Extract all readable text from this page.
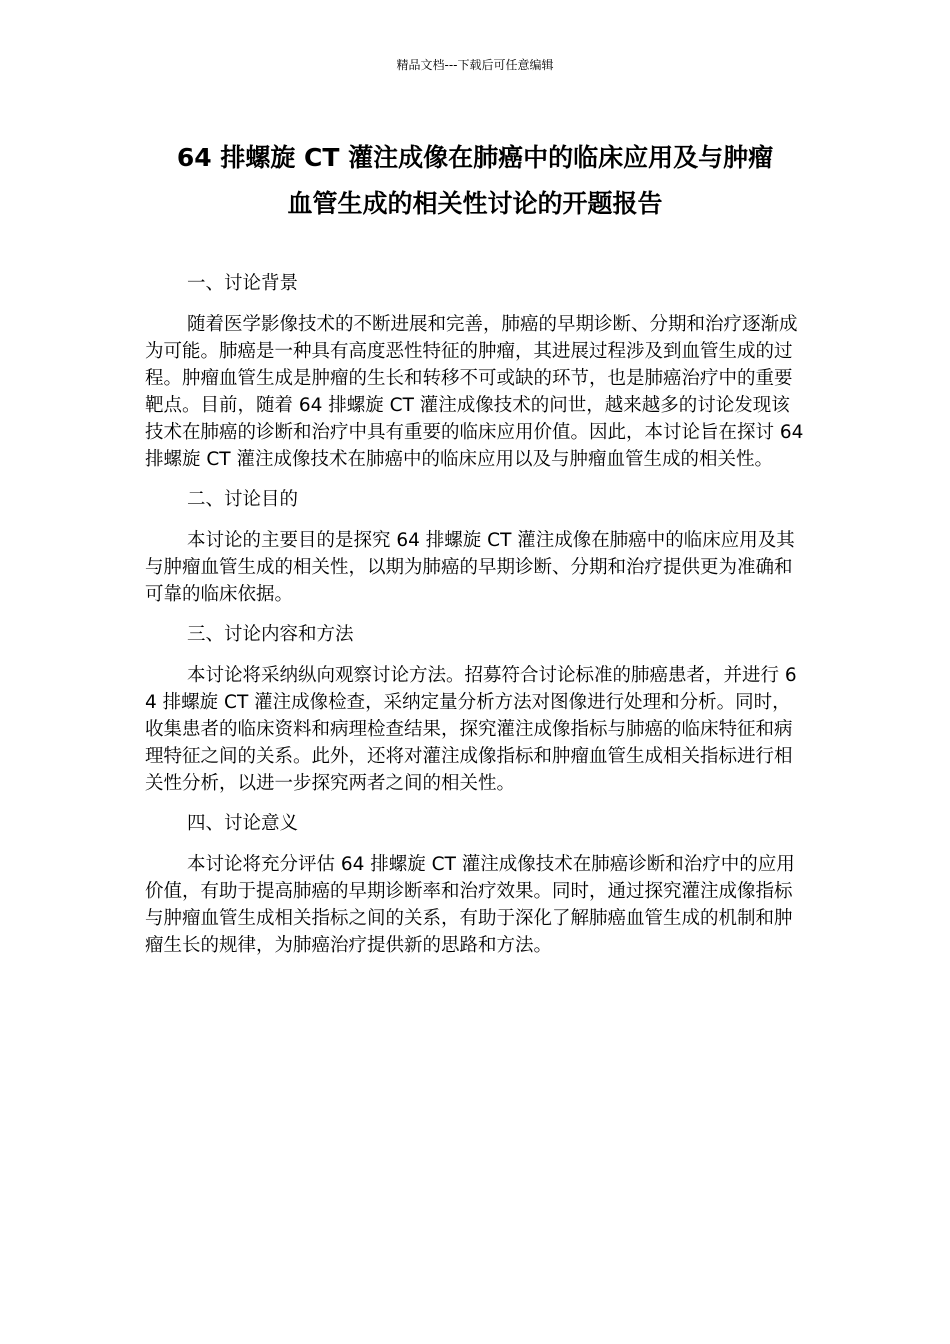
精品文档---下载后可任意编辑
64 排螺旋 CT 灌注成像在肺癌中的临床应用及与肿瘤
血管生成的相关性讨论的开题报告
一、讨论背景

随着医学影像技术的不断进展和完善，肺癌的早期诊断、分期和治疗逐渐成为可能。肺癌是一种具有高度恶性特征的肿瘤，其进展过程涉及到血管生成的过程。肿瘤血管生成是肿瘤的生长和转移不可或缺的环节，也是肺癌治疗中的重要靶点。目前，随着 64 排螺旋 CT 灌注成像技术的问世，越来越多的讨论发现该技术在肺癌的诊断和治疗中具有重要的临床应用价值。因此，本讨论旨在探讨 64 排螺旋 CT 灌注成像技术在肺癌中的临床应用以及与肿瘤血管生成的相关性。

二、讨论目的

本讨论的主要目的是探究 64 排螺旋 CT 灌注成像在肺癌中的临床应用及其与肿瘤血管生成的相关性，以期为肺癌的早期诊断、分期和治疗提供更为准确和可靠的临床依据。

三、讨论内容和方法

本讨论将采纳纵向观察讨论方法。招募符合讨论标准的肺癌患者，并进行 64 排螺旋 CT 灌注成像检查，采纳定量分析方法对图像进行处理和分析。同时，收集患者的临床资料和病理检查结果，探究灌注成像指标与肺癌的临床特征和病理特征之间的关系。此外，还将对灌注成像指标和肿瘤血管生成相关指标进行相关性分析，以进一步探究两者之间的相关性。

四、讨论意义

本讨论将充分评估 64 排螺旋 CT 灌注成像技术在肺癌诊断和治疗中的应用价值，有助于提高肺癌的早期诊断率和治疗效果。同时，通过探究灌注成像指标与肿瘤血管生成相关指标之间的关系，有助于深化了解肺癌血管生成的机制和肿瘤生长的规律，为肺癌治疗提供新的思路和方法。
